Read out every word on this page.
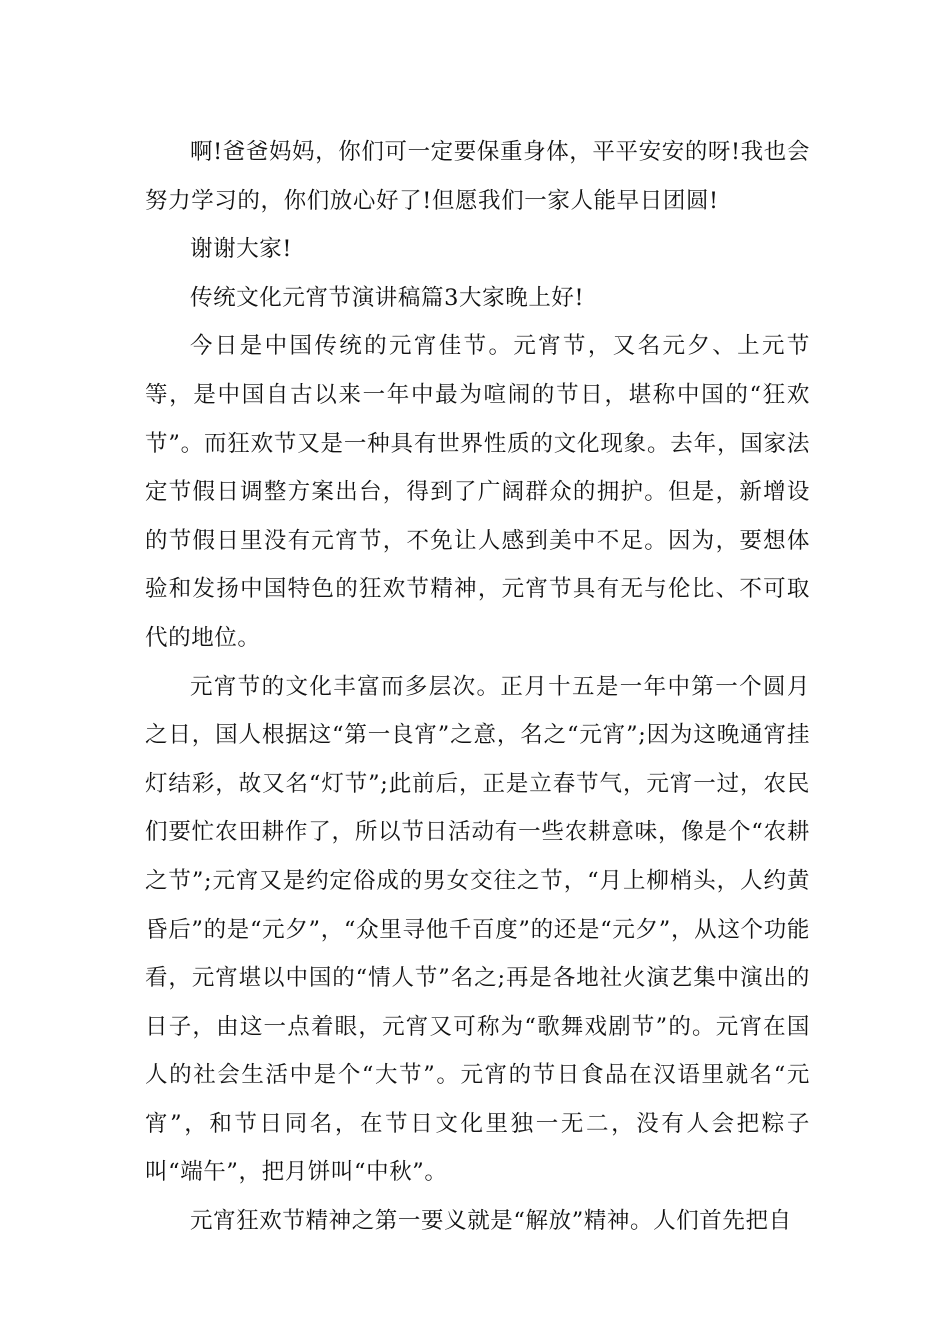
啊!爸爸妈妈，你们可一定要保重身体，平平安安的呀!我也会努力学习的，你们放心好了!但愿我们一家人能早日团圆!

谢谢大家!

传统文化元宵节演讲稿篇3大家晚上好!

今日是中国传统的元宵佳节。元宵节，又名元夕、上元节等，是中国自古以来一年中最为喧闹的节日，堪称中国的“狂欢节”。而狂欢节又是一种具有世界性质的文化现象。去年，国家法定节假日调整方案出台，得到了广阔群众的拥护。但是，新增设的节假日里没有元宵节，不免让人感到美中不足。因为，要想体验和发扬中国特色的狂欢节精神，元宵节具有无与伦比、不可取代的地位。

元宵节的文化丰富而多层次。正月十五是一年中第一个圆月之日，国人根据这“第一良宵”之意，名之“元宵”;因为这晚通宵挂灯结彩，故又名“灯节”;此前后，正是立春节气，元宵一过，农民们要忙农田耕作了，所以节日活动有一些农耕意味，像是个“农耕之节”;元宵又是约定俗成的男女交往之节，“月上柳梢头，人约黄昏后”的是“元夕”，“众里寻他千百度”的还是“元夕”，从这个功能看，元宵堪以中国的“情人节”名之;再是各地社火演艺集中演出的日子，由这一点着眼，元宵又可称为“歌舞戏剧节”的。元宵在国人的社会生活中是个“大节”。元宵的节日食品在汉语里就名“元宵”，和节日同名，在节日文化里独一无二，没有人会把粽子叫“端午”，把月饼叫“中秋”。

元宵狂欢节精神之第一要义就是“解放”精神。人们首先把自
